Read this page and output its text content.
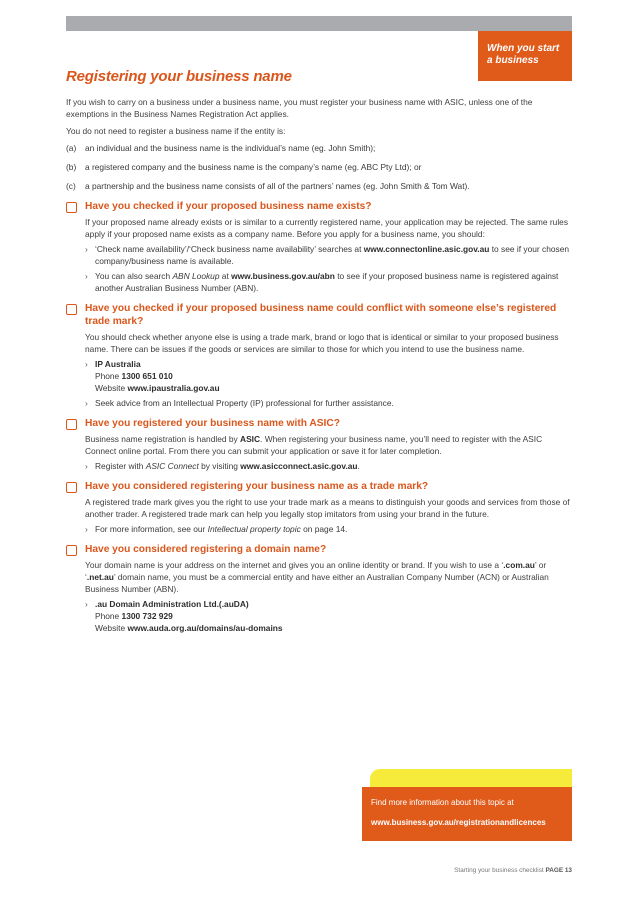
When you start
a business
Registering your business name

If you wish to carry on a business under a business name, you must register your business name with ASIC, unless one of the exemptions in the Business Names Registration Act applies.

You do not need to register a business name if the entity is:

(a)	an individual and the business name is the individual’s name (eg. John Smith);
(b)	a registered company and the business name is the company’s name (eg. ABC Pty Ltd); or
(c)	a partnership and the business name consists of all of the partners’ names (eg. John Smith & Tom Wat).
Have you checked if your proposed business name exists?

If your proposed name already exists or is similar to a currently registered name, your application may be rejected. The same rules apply if your proposed name exists as a company name. Before you apply for a business name, you should:

› ‘Check name availability’/‘Check business name availability’ searches at www.connectonline.asic.gov.au to see if your chosen company/business name is available.
› You can also search ABN Lookup at www.business.gov.au/abn to see if your proposed business name is registered against another Australian Business Number (ABN).
Have you checked if your proposed business name could conflict with someone else’s registered trade mark?

You should check whether anyone else is using a trade mark, brand or logo that is identical or similar to your proposed business name. There can be issues if the goods or services are similar to those for which you intend to use the business name.

› IP Australia
Phone 1300 651 010
Website www.ipaustralia.gov.au
› Seek advice from an Intellectual Property (IP) professional for further assistance.
Have you registered your business name with ASIC?

Business name registration is handled by ASIC. When registering your business name, you’ll need to register with the ASIC Connect online portal. From there you can submit your application or save it for later completion.

› Register with ASIC Connect by visiting www.asicconnect.asic.gov.au.
Have you considered registering your business name as a trade mark?

A registered trade mark gives you the right to use your trade mark as a means to distinguish your goods and services from those of another trader. A registered trade mark can help you legally stop imitators from using your brand in the future.

› For more information, see our Intellectual property topic on page 14.
Have you considered registering a domain name?

Your domain name is your address on the internet and gives you an online identity or brand. If you wish to use a ‘.com.au’ or ‘.net.au’ domain name, you must be a commercial entity and have either an Australian Company Number (ACN) or Australian Business Number (ABN).

› .au Domain Administration Ltd.(.auDA)
Phone 1300 732 929
Website www.auda.org.au/domains/au-domains
Find more information about this topic at
www.business.gov.au/registrationandlicences
Starting your business checklist PAGE 13
